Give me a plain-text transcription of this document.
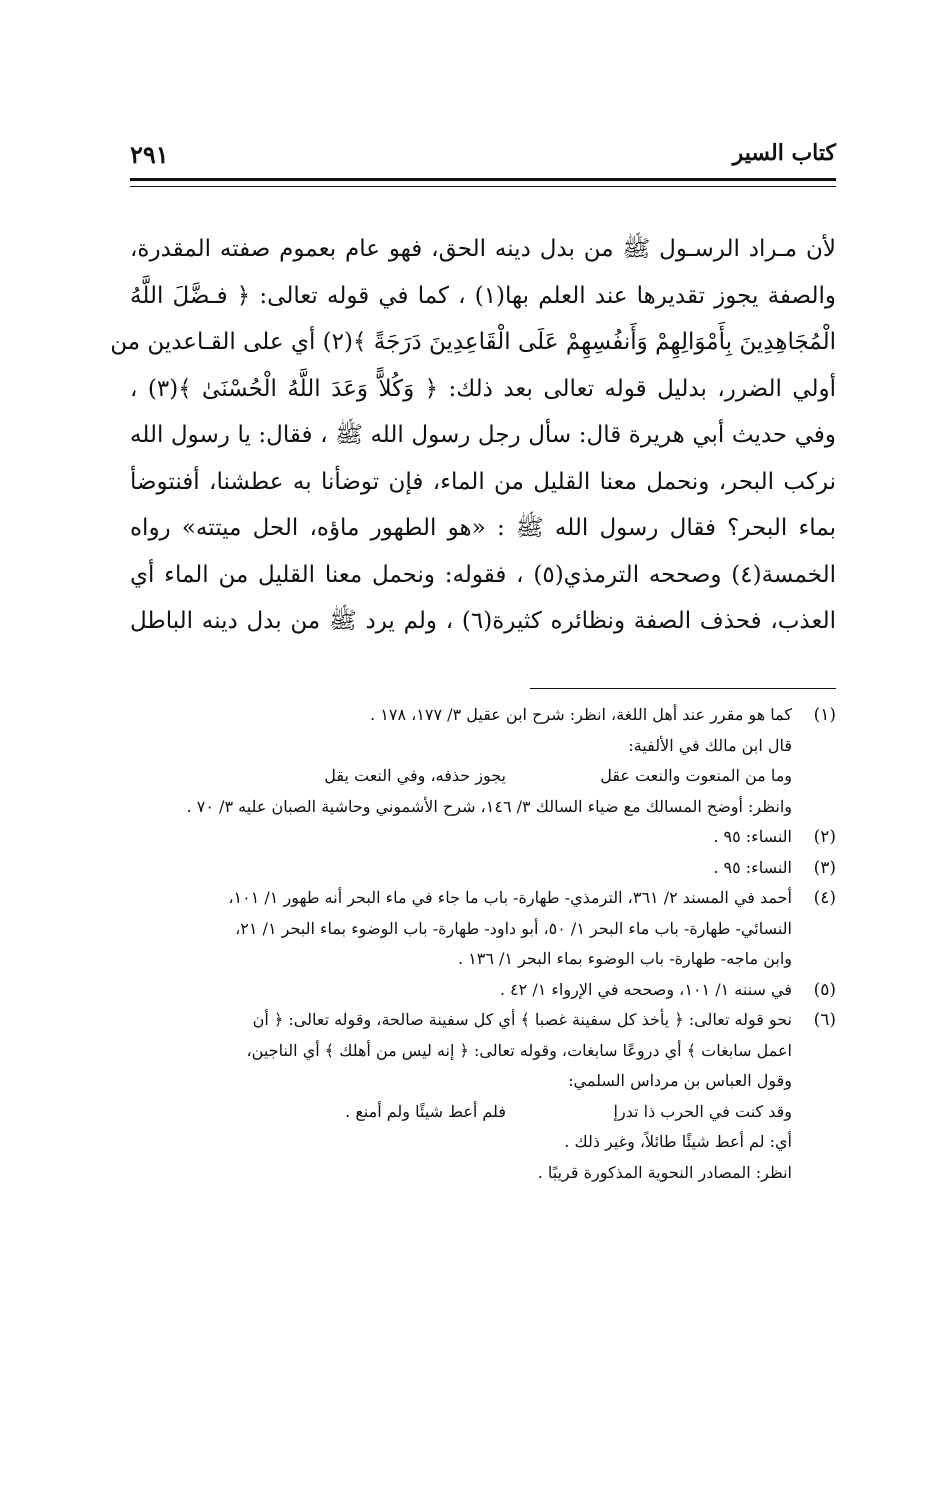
كتاب السير
٢٩١
لأن مـراد الرسـول ﷺ من بدل دينه الحق، فهو عام بعموم صفته المقدرة،
والصفة يجوز تقديرها عند العلم بها(١) ، كما في قوله تعالى: ﴿ فـضَّلَ اللَّهُ
الْمُجَاهِدِينَ بِأَمْوَالِهِمْ وَأَنفُسِهِمْ عَلَى الْقَاعِدِينَ دَرَجَةً ﴾(٢) أي على القـاعدين من
أولي الضرر، بدليل قوله تعالى بعد ذلك: ﴿ وَكُلاًّ وَعَدَ اللَّهُ الْحُسْنَىٰ ﴾(٣) ،
وفي حديث أبي هريرة قال: سأل رجل رسول الله ﷺ ، فقال: يا رسول الله
نركب البحر، ونحمل معنا القليل من الماء، فإن توضأنا به عطشنا، أفنتوضأ
بماء البحر؟ فقال رسول الله ﷺ : «هو الطهور ماؤه، الحل ميتته» رواه
الخمسة(٤) وصححه الترمذي(٥) ، فقوله: ونحمل معنا القليل من الماء أي
العذب، فحذف الصفة ونظائره كثيرة(٦) ، ولم يرد ﷺ من بدل دينه الباطل
(١)
كما هو مقرر عند أهل اللغة، انظر: شرح ابن عقيل ٣/ ١٧٧، ١٧٨ .
قال ابن مالك في الألفية:
وما من المنعوت والنعت عقل
يجوز حذفه، وفي النعت يقل
وانظر: أوضح المسالك مع ضياء السالك ٣/ ١٤٦، شرح الأشموني وحاشية الصبان عليه ٣/ ٧٠ .
(٢)
النساء: ٩٥ .
(٣)
النساء: ٩٥ .
(٤)
أحمد في المسند ٢/ ٣٦١، الترمذي- طهارة- باب ما جاء في ماء البحر أنه طهور ١/ ١٠١،
النسائي- طهارة- باب ماء البحر ١/ ٥٠، أبو داود- طهارة- باب الوضوء بماء البحر ١/ ٢١،
وابن ماجه- طهارة- باب الوضوء بماء البحر ١/ ١٣٦ .
(٥)
في سننه ١/ ١٠١، وصححه في الإرواء ١/ ٤٢ .
(٦)
نحو قوله تعالى: ﴿ يأخذ كل سفينة غصبا ﴾ أي كل سفينة صالحة، وقوله تعالى: ﴿ أن
اعمل سابغات ﴾ أي دروعًا سابغات، وقوله تعالى: ﴿ إنه ليس من أهلك ﴾ أي الناجين،
وقول العباس بن مرداس السلمي:
وقد كنت في الحرب ذا تدرإ
فلم أعط شيئًا ولم أمنع .
أي: لم أعط شيئًا طائلاً، وغير ذلك .
انظر: المصادر النحوية المذكورة قريبًا .
